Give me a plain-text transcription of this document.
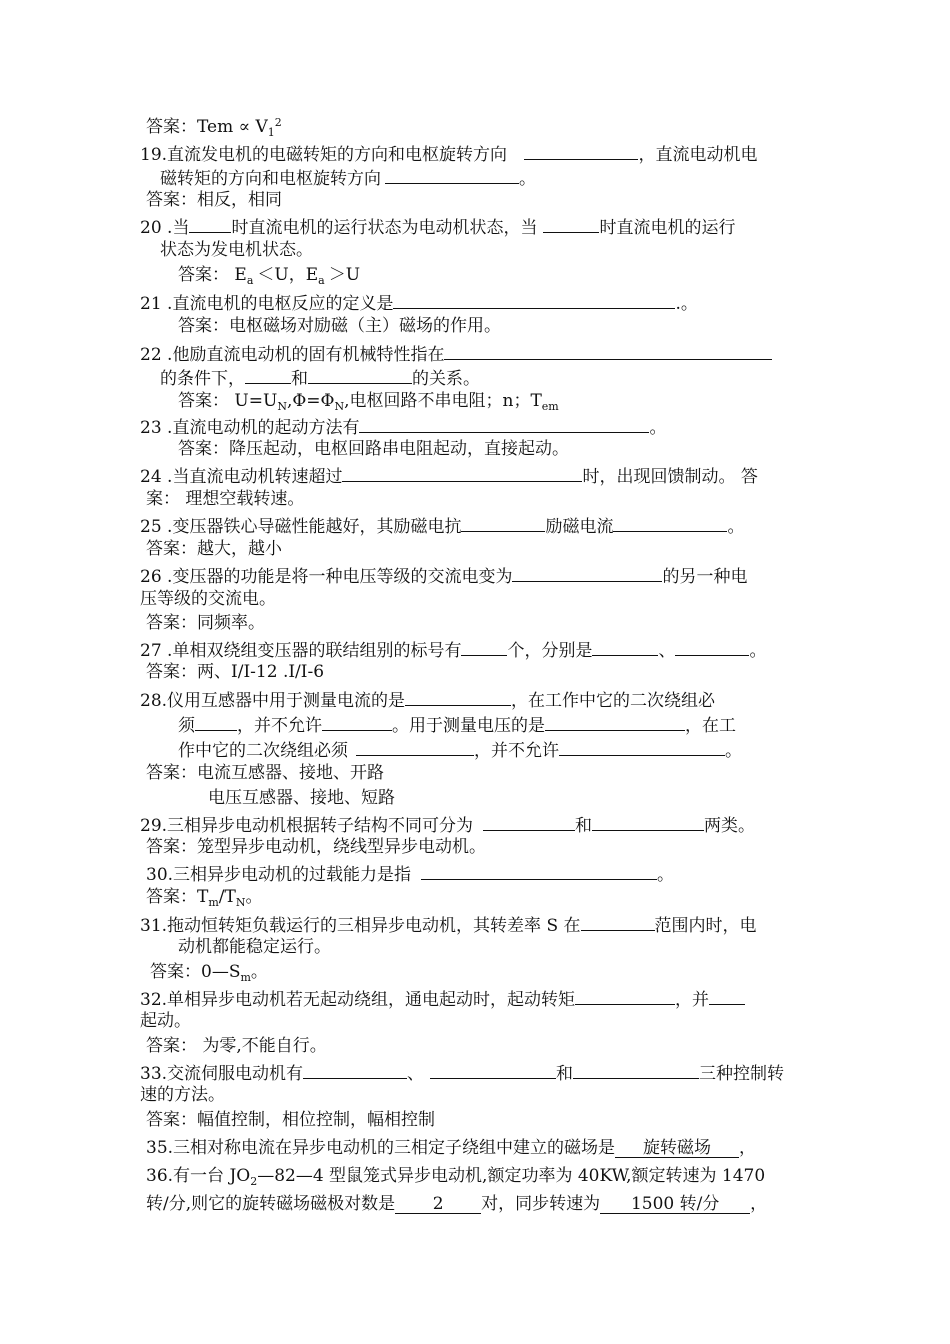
答案：Tem ∝ $V_1^2$
19.直流发电机的电磁转矩的方向和电枢旋转方向	，直流电动机电
磁转矩的方向和电枢旋转方向	。
答案：相反，相同
20 .当 时直流电机的运行状态为电动机状态，当	时直流电机的运行
状态为发电机状态。
答案： $E_a <U$，$E_a >U$
21 .直流电机的电枢反应的定义是	.。
答案：电枢磁场对励磁（主）磁场的作用。
22 .他励直流电动机的固有机械特性指在
的条件下，	和	的关系。
答案： $U=U_N,\Phi=\Phi_N$,电枢回路不串电阻；n；$T_{em}$
23 .直流电动机的起动方法有	。
答案：降压起动，电枢回路串电阻起动，直接起动。
24 .当直流电动机转速超过	时，出现回馈制动。 答
案： 理想空载转速。
25 .变压器铁心导磁性能越好，其励磁电抗	励磁电流	。
答案：越大，越小
26 .变压器的功能是将一种电压等级的交流电变为	的另一种电
压等级的交流电。
答案：同频率。
27 .单相双绕组变压器的联结组别的标号有	个，分别是	、	。
答案：两、I/I-12 .I/I-6
28.仪用互感器中用于测量电流的是	，在工作中它的二次绕组必
须 ，并不允许	。用于测量电压的是	，在工
作中它的二次绕组必须	，并不允许	。
答案：电流互感器、接地、开路
电压互感器、接地、短路
29.三相异步电动机根据转子结构不同可分为	和	两类。
答案：笼型异步电动机，绕线型异步电动机。
30.三相异步电动机的过载能力是指	。
答案：$T_m/T_N$。
31.拖动恒转矩负载运行的三相异步电动机，其转差率 S 在	范围内时，电
动机都能稳定运行。
答案：$0—S_m$。
32.单相异步电动机若无起动绕组，通电起动时，起动转矩	，并
起动。
答案： 为零,不能自行。
33.交流伺服电动机有	、	和	三种控制转
速的方法。
答案：幅值控制，相位控制，幅相控制
35.三相对称电流在异步电动机的三相定子绕组中建立的磁场是 旋转磁场 ，
36.有一台 $JO_2—82—4$ 型鼠笼式异步电动机,额定功率为 40KW,额定转速为 1470
转/分,则它的旋转磁场磁极对数是 2 对，同步转速为 1500 转/分 ，
